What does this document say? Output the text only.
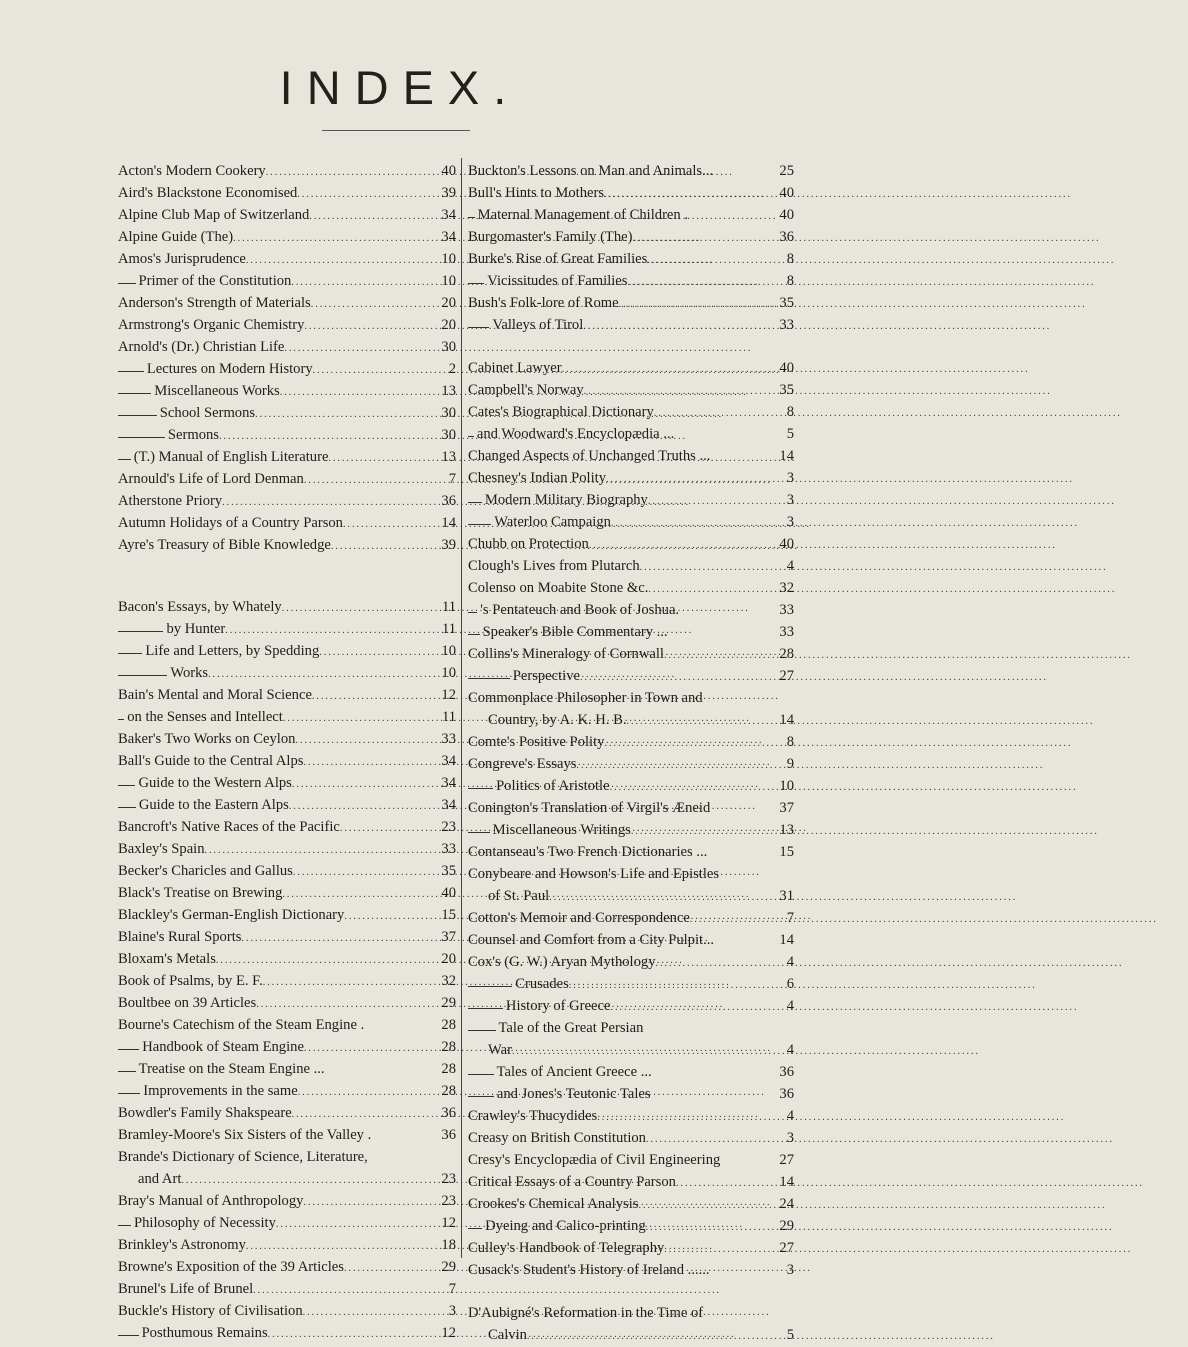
INDEX.
Acton's Modern Cookery .....	40
Aird's Blackstone Economised .....	39
Alpine Club Map of Switzerland .....	34
Alpine Guide (The) .....	34
Amos's Jurisprudence .....	10
Primer of the Constitution .....	10
Anderson's Strength of Materials .....	20
Armstrong's Organic Chemistry .....	20
Arnold's (Dr.) Christian Life .....	30
Lectures on Modern History .....	2
Miscellaneous Works .....	13
School Sermons .....	30
Sermons .....	30
(T.) Manual of English Literature .....	13
Arnould's Life of Lord Denman .....	7
Atherstone Priory .....	36
Autumn Holidays of a Country Parson .....	14
Ayre's Treasury of Bible Knowledge .....	39
Bacon's Essays, by Whately .....	11
by Hunter .....	11
Life and Letters, by Spedding .....	10
Works .....	10
Bain's Mental and Moral Science .....	12
on the Senses and Intellect .....	11
Baker's Two Works on Ceylon .....	33
Ball's Guide to the Central Alps .....	34
Guide to the Western Alps .....	34
Guide to the Eastern Alps .....	34
Bancroft's Native Races of the Pacific .....	23
Baxley's Spain .....	33
Becker's Charicles and Gallus .....	35
Black's Treatise on Brewing .....	40
Blackley's German-English Dictionary .....	15
Blaine's Rural Sports .....	37
Bloxam's Metals .....	20
Book of Psalms, by E. F. .....	32
Boultbee on 39 Articles .....	29
Bourne's Catechism of the Steam Engine .	28
Handbook of Steam Engine .....	28
Treatise on the Steam Engine ...	28
Improvements in the same .....	28
Bowdler's Family Shakspeare .....	36
Bramley-Moore's Six Sisters of the Valley .	36
Brande's Dictionary of Science, Literature,
and Art .....	23
Bray's Manual of Anthropology .....	23
Philosophy of Necessity .....	12
Brinkley's Astronomy .....	18
Browne's Exposition of the 39 Articles .....	29
Brunel's Life of Brunel .....	7
Buckle's History of Civilisation .....	3
Posthumous Remains .....	12
Buckton's Lessons on Man and Animals...	25
Bull's Hints to Mothers .....	40
Maternal Management of Children .	40
Burgomaster's Family (The) .....	36
Burke's Rise of Great Families .....	8
Vicissitudes of Families .....	8
Bush's Folk-lore of Rome .....	35
Valleys of Tirol .....	33
Cabinet Lawyer .....	40
Campbell's Norway .....	35
Cates's Biographical Dictionary .....	8
and Woodward's Encyclopædia ...	5
Changed Aspects of Unchanged Truths ...	14
Chesney's Indian Polity .....	3
Modern Military Biography .....	3
Waterloo Campaign .....	3
Chubb on Protection .....	40
Clough's Lives from Plutarch .....	4
Colenso on Moabite Stone &c. .....	32
's Pentateuch and Book of Joshua.	33
Speaker's Bible Commentary ...	33
Collins's Mineralogy of Cornwall .....	28
Perspective .....	27
Commonplace Philosopher in Town and
Country, by A. K. H. B. .....	14
Comte's Positive Polity .....	8
Congreve's Essays .....	9
Politics of Aristotle .....	10
Conington's Translation of Virgil's Æneid	37
Miscellaneous Writings .....	13
Contanseau's Two French Dictionaries ...	15
Conybeare and Howson's Life and Epistles
of St. Paul .....	31
Cotton's Memoir and Correspondence .....	7
Counsel and Comfort from a City Pulpit...	14
Cox's (G. W.) Aryan Mythology .....	4
Crusades .....	6
History of Greece .....	4
Tale of the Great Persian
War .....	4
Tales of Ancient Greece ...	36
and Jones's Teutonic Tales	36
Crawley's Thucydides .....	4
Creasy on British Constitution .....	3
Cresy's Encyclopædia of Civil Engineering	27
Critical Essays of a Country Parson .....	14
Crookes's Chemical Analysis .....	24
Dyeing and Calico-printing .....	29
Culley's Handbook of Telegraphy .....	27
Cusack's Student's History of Ireland ......	3
D'Aubigné's Reformation in the Time of
Calvin .....	5
